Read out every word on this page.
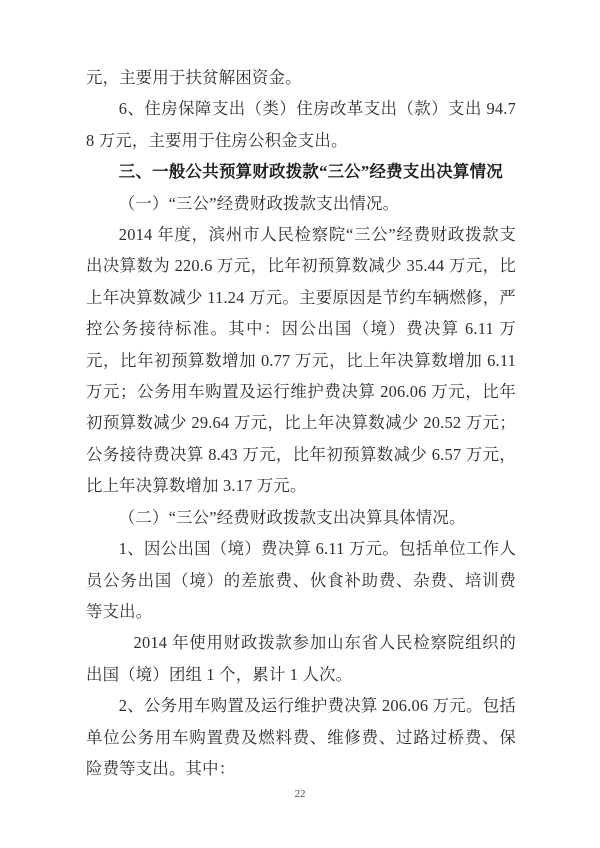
元，主要用于扶贫解困资金。

6、住房保障支出（类）住房改革支出（款）支出 94.78 万元，主要用于住房公积金支出。

三、一般公共预算财政拨款“三公”经费支出决算情况

（一）“三公”经费财政拨款支出情况。

2014 年度，滨州市人民检察院“三公”经费财政拨款支出决算数为 220.6 万元，比年初预算数减少 35.44 万元，比上年决算数减少 11.24 万元。主要原因是节约车辆燃修，严控公务接待标准。其中：因公出国（境）费决算 6.11 万元，比年初预算数增加 0.77 万元，比上年决算数增加 6.11 万元；公务用车购置及运行维护费决算 206.06 万元，比年初预算数减少 29.64 万元，比上年决算数减少 20.52 万元；公务接待费决算 8.43 万元，比年初预算数减少 6.57 万元，比上年决算数增加 3.17 万元。

（二）“三公”经费财政拨款支出决算具体情况。

1、因公出国（境）费决算 6.11 万元。包括单位工作人员公务出国（境）的差旅费、伙食补助费、杂费、培训费等支出。

2014 年使用财政拨款参加山东省人民检察院组织的出国（境）团组 1 个，累计 1 人次。

2、公务用车购置及运行维护费决算 206.06 万元。包括单位公务用车购置费及燃料费、维修费、过路过桥费、保险费等支出。其中：

22
